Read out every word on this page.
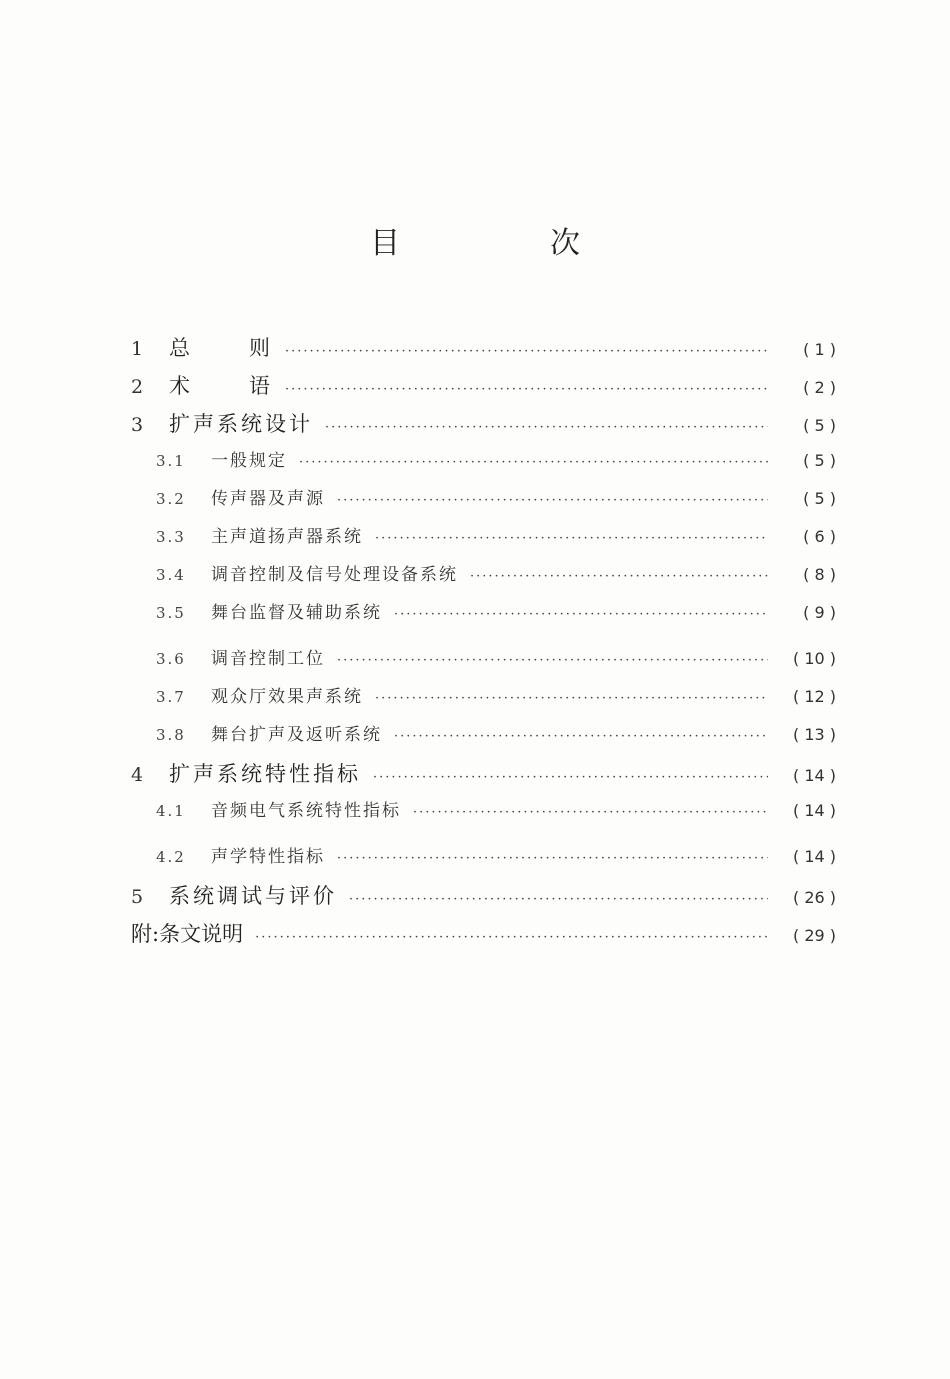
目　次
1	总	则 ·····	( 1 )
2	术	语 ·····	( 2 )
3	扩声系统设计 ·····	( 5 )
3.1	一般规定 ·····	( 5 )
3.2	传声器及声源 ·····	( 5 )
3.3	主声道扬声器系统 ·····	( 6 )
3.4	调音控制及信号处理设备系统 ·····	( 8 )
3.5	舞台监督及辅助系统 ·····	( 9 )
3.6	调音控制工位 ·····	( 10 )
3.7	观众厅效果声系统 ·····	( 12 )
3.8	舞台扩声及返听系统 ·····	( 13 )
4	扩声系统特性指标 ·····	( 14 )
4.1	音频电气系统特性指标 ·····	( 14 )
4.2	声学特性指标 ·····	( 14 )
5	系统调试与评价 ·····	( 26 )
附:条文说明 ·····	( 29 )
